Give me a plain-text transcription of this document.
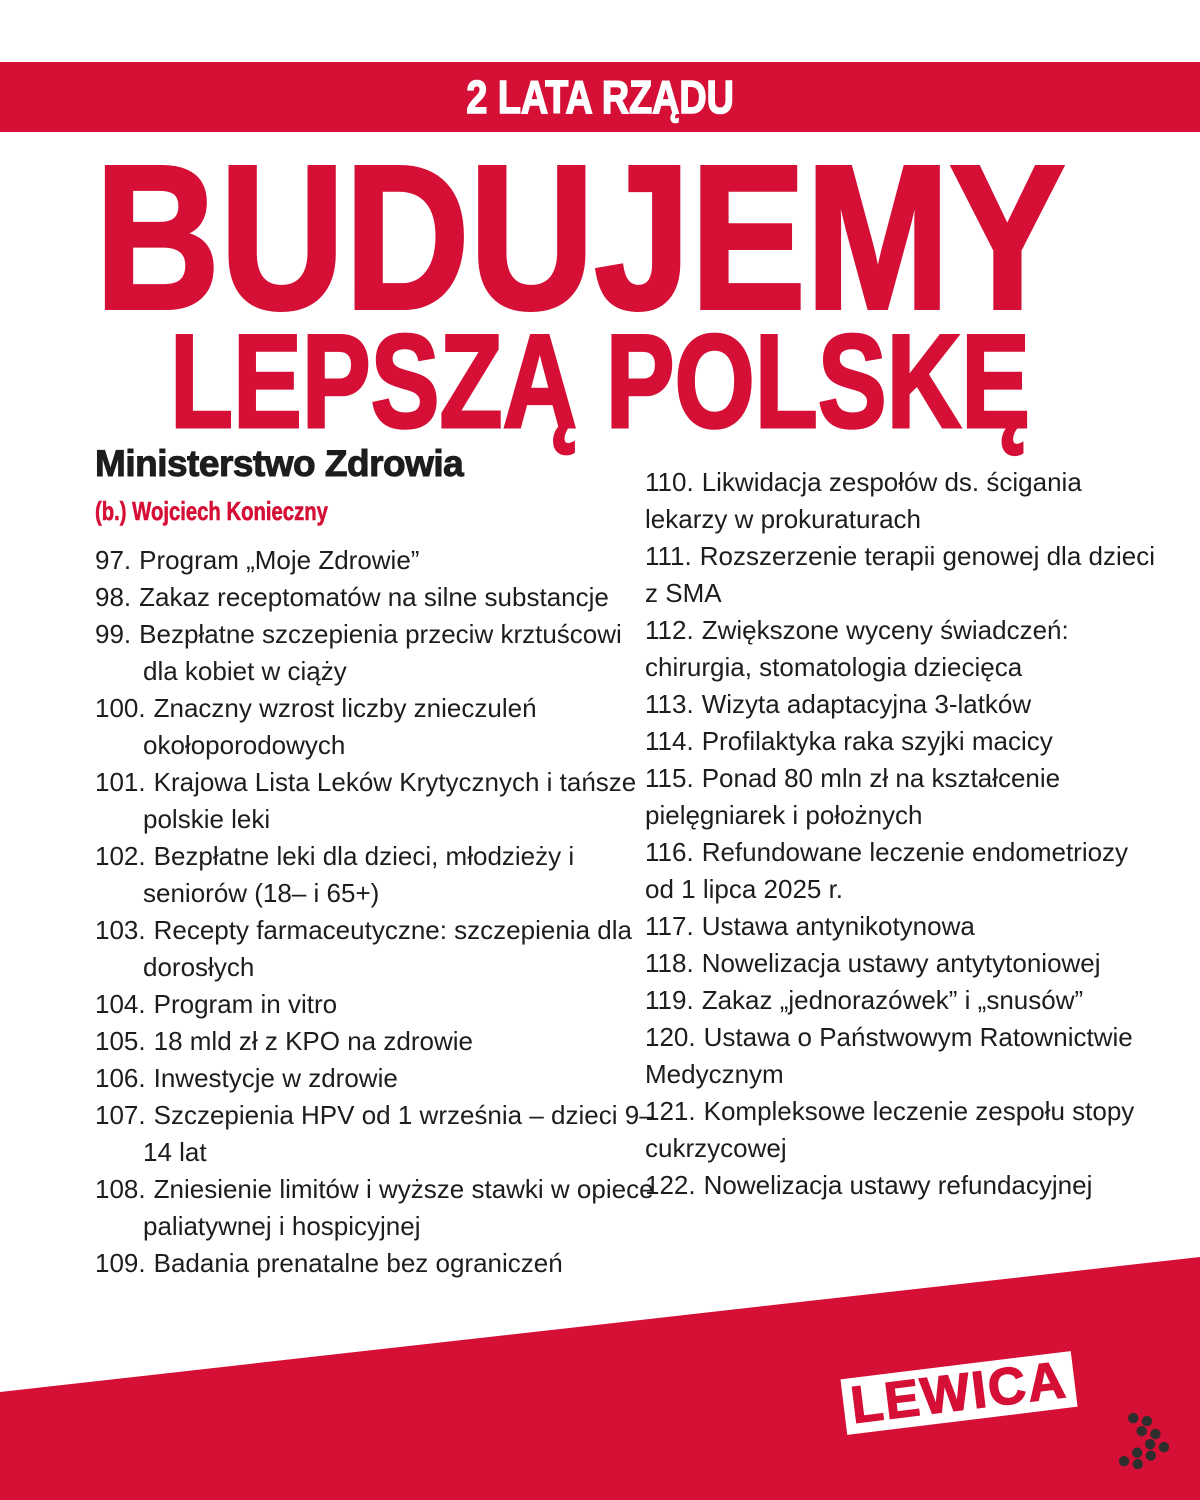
2 LATA RZĄDU
BUDUJEMY
LEPSZĄ POLSKĘ
Ministerstwo Zdrowia
(b.) Wojciech Konieczny
97. Program „Moje Zdrowie”
98. Zakaz receptomatów na silne substancje
99. Bezpłatne szczepienia przeciw krztuścowi dla kobiet w ciąży
100. Znaczny wzrost liczby znieczuleń okołoporodowych
101. Krajowa Lista Leków Krytycznych i tańsze polskie leki
102. Bezpłatne leki dla dzieci, młodzieży i seniorów (18– i 65+)
103. Recepty farmaceutyczne: szczepienia dla dorosłych
104. Program in vitro
105. 18 mld zł z KPO na zdrowie
106. Inwestycje w zdrowie
107. Szczepienia HPV od 1 września – dzieci 9–14 lat
108. Zniesienie limitów i wyższe stawki w opiece paliatywnej i hospicyjnej
109. Badania prenatalne bez ograniczeń
110. Likwidacja zespołów ds. ścigania lekarzy w prokuraturach
111. Rozszerzenie terapii genowej dla dzieci z SMA
112. Zwiększone wyceny świadczeń: chirurgia, stomatologia dziecięca
113. Wizyta adaptacyjna 3-latków
114. Profilaktyka raka szyjki macicy
115. Ponad 80 mln zł na kształcenie pielęgniarek i położnych
116. Refundowane leczenie endometriozy od 1 lipca 2025 r.
117. Ustawa antynikotynowa
118. Nowelizacja ustawy antytytoniowej
119. Zakaz „jednorazówek” i „snusów”
120. Ustawa o Państwowym Ratownictwie Medycznym
121. Kompleksowe leczenie zespołu stopy cukrzycowej
122. Nowelizacja ustawy refundacyjnej
LEWICA
